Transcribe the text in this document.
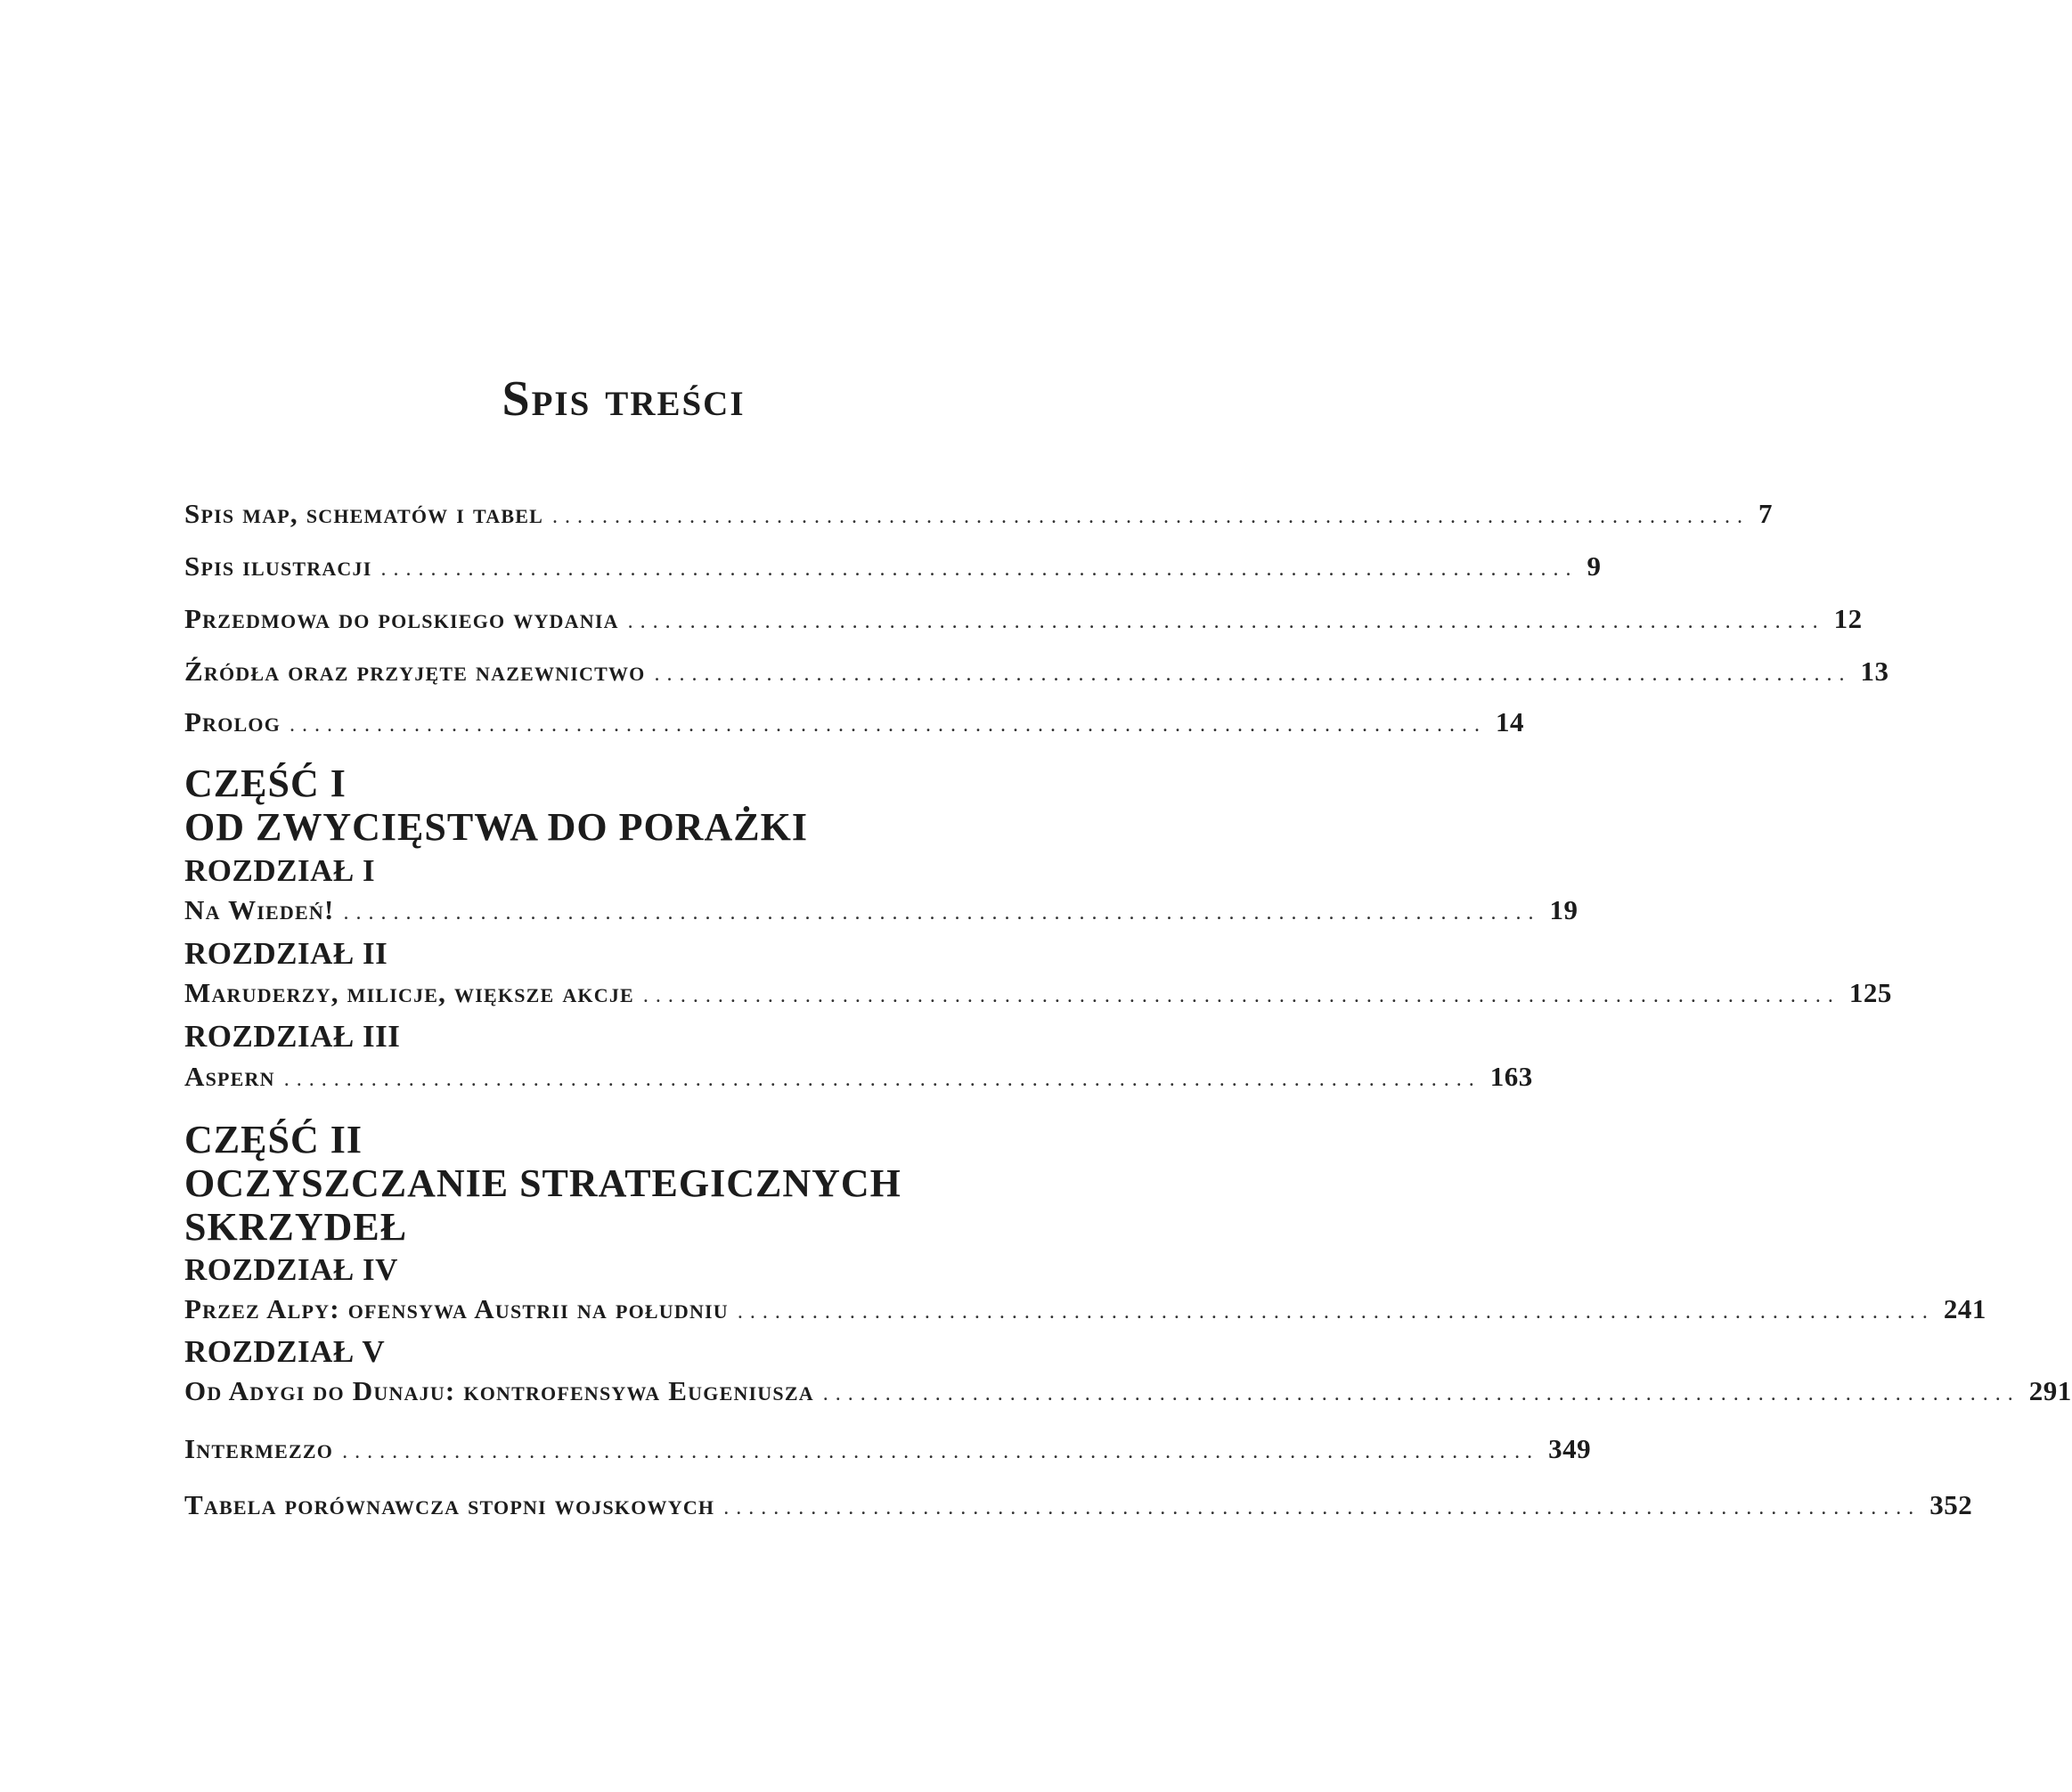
Spis treści
Spis map, schematów i tabel ................................................................................................ 7
Spis ilustracji ................................................................................................ 9
Przedmowa do polskiego wydania ................................................................................................ 12
Źródła oraz przyjęte nazewnictwo ................................................................................................ 13
Prolog ................................................................................................ 14
CZĘŚĆ I
OD ZWYCIĘSTWA DO PORAŻKI
ROZDZIAŁ I
Na Wiedeń! ................................................................................................ 19
ROZDZIAŁ II
Maruderzy, milicje, większe akcje ................................................................................................ 125
ROZDZIAŁ III
Aspern ................................................................................................ 163
CZĘŚĆ II
OCZYSZCZANIE STRATEGICZNYCH
SKRZYDEŁ
ROZDZIAŁ IV
Przez Alpy: ofensywa Austrii na południu ................................................................................................ 241
ROZDZIAŁ V
Od Adygi do Dunaju: kontrofensywa Eugeniusza ................................................................................................ 291
Intermezzo ................................................................................................ 349
Tabela porównawcza stopni wojskowych ................................................................................................ 352
